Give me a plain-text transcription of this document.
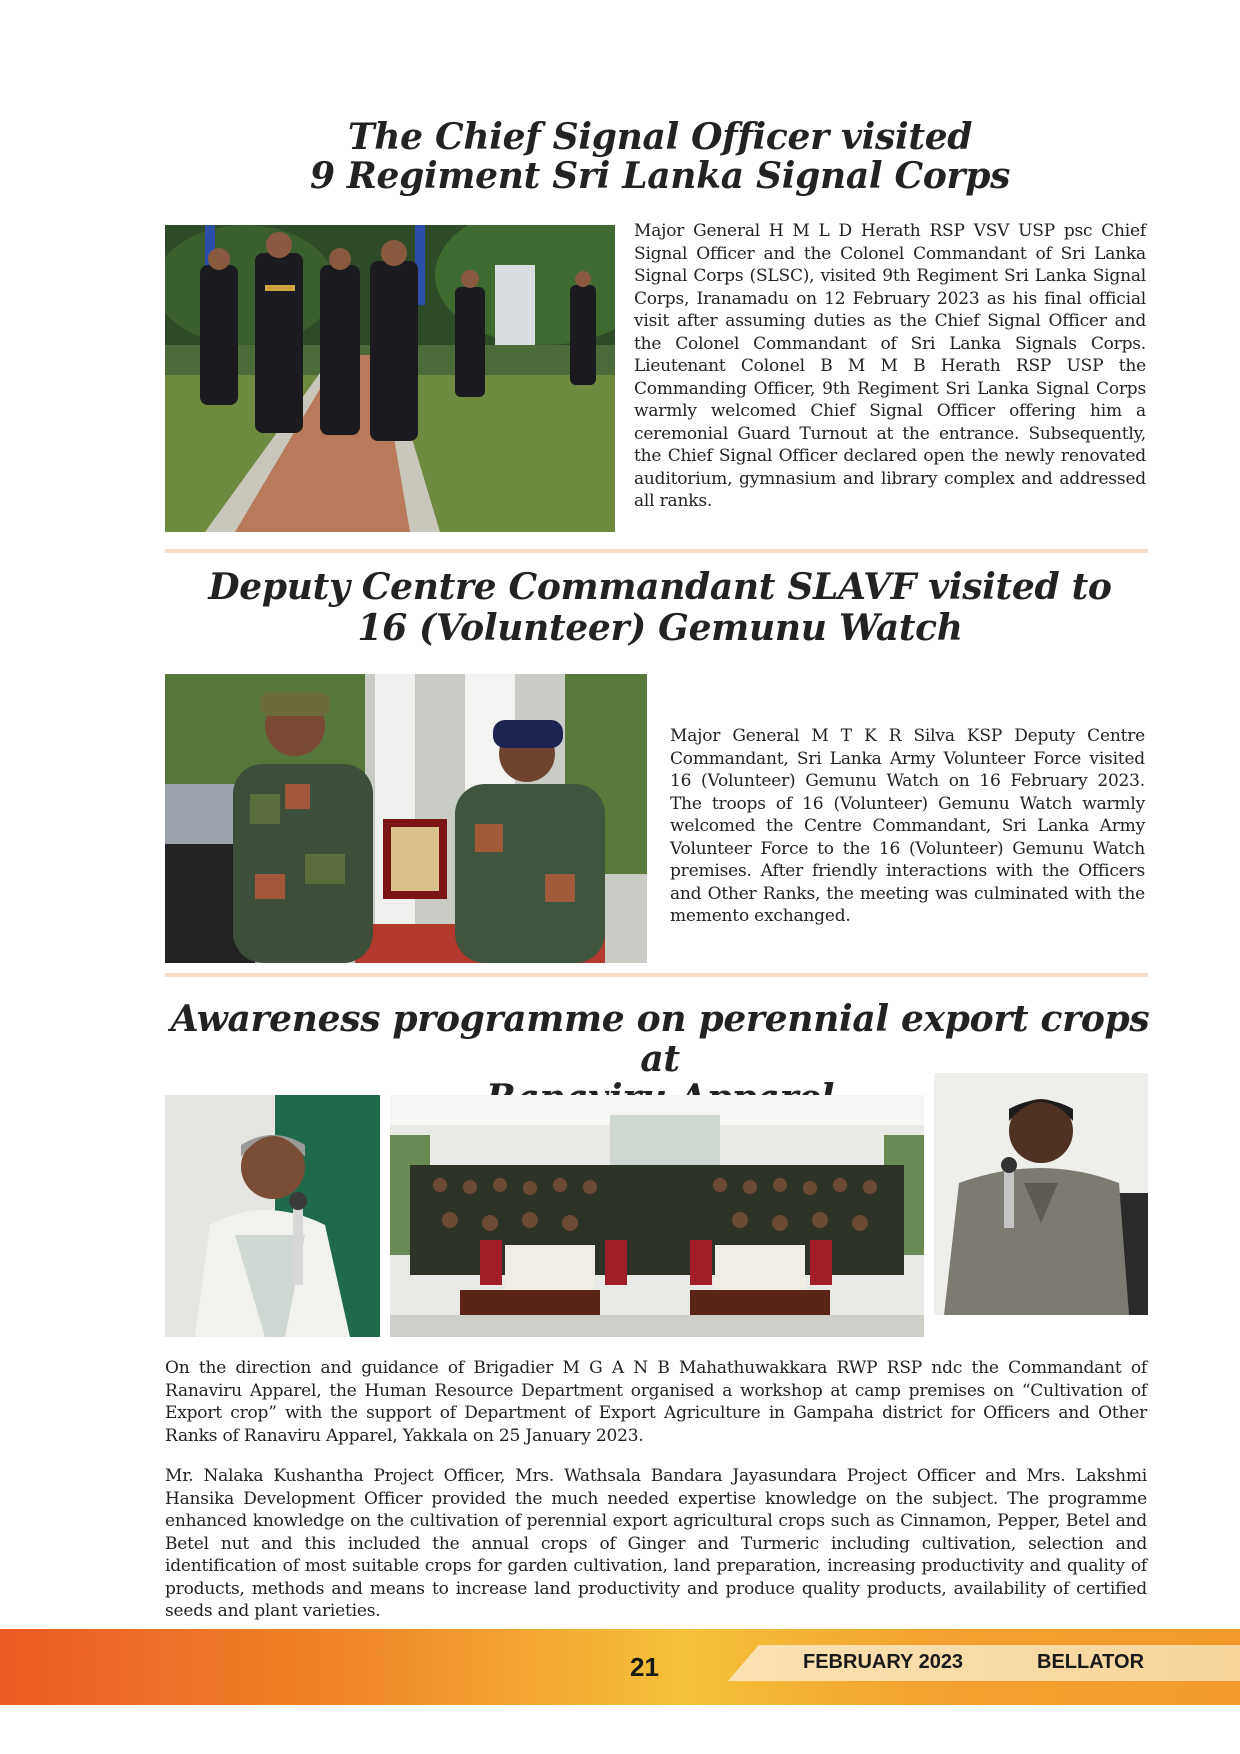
The Chief Signal Officer visited
9 Regiment Sri Lanka Signal Corps

Major General H M L D Herath RSP VSV USP psc Chief Signal Officer and the Colonel Commandant of Sri Lanka Signal Corps (SLSC), visited 9th Regiment Sri Lanka Signal Corps, Iranamadu on 12 February 2023 as his final official visit after assuming duties as the Chief Signal Officer and the Colonel Commandant of Sri Lanka Signals Corps. Lieutenant Colonel B M M B Herath RSP USP the Commanding Officer, 9th Regiment Sri Lanka Signal Corps warmly welcomed Chief Signal Officer offering him a ceremonial Guard Turnout at the entrance. Subsequently, the Chief Signal Officer declared open the newly renovated auditorium, gymnasium and library complex and addressed all ranks.

Deputy Centre Commandant SLAVF visited to
16 (Volunteer) Gemunu Watch

Major General M T K R Silva KSP Deputy Centre Commandant, Sri Lanka Army Volunteer Force visited 16 (Volunteer) Gemunu Watch on 16 February 2023. The troops of 16 (Volunteer) Gemunu Watch warmly welcomed the Centre Commandant, Sri Lanka Army Volunteer Force to the 16 (Volunteer) Gemunu Watch premises. After friendly interactions with the Officers and Other Ranks, the meeting was culminated with the memento exchanged.

Awareness programme on perennial export crops at

On the direction and guidance of Brigadier M G A N B Mahathuwakkara RWP RSP ndc the Commandant of Ranaviru Apparel, the Human Resource Department organised a workshop at camp premises on “Cultivation of Export crop” with the support of Department of Export Agriculture in Gampaha district for Officers and Other Ranks of Ranaviru Apparel, Yakkala on 25 January 2023.

Mr. Nalaka Kushantha Project Officer, Mrs. Wathsala Bandara Jayasundara Project Officer and Mrs. Lakshmi Hansika Development Officer provided the much needed expertise knowledge on the subject. The programme enhanced knowledge on the cultivation of perennial export agricultural crops such as Cinnamon, Pepper, Betel and Betel nut and this included the annual crops of Ginger and Turmeric including cultivation, selection and identification of most suitable crops for garden cultivation, land preparation, increasing productivity and quality of products, methods and means to increase land productivity and produce quality products, availability of certified seeds and plant varieties.

21	FEBRUARY 2023	BELLATOR
